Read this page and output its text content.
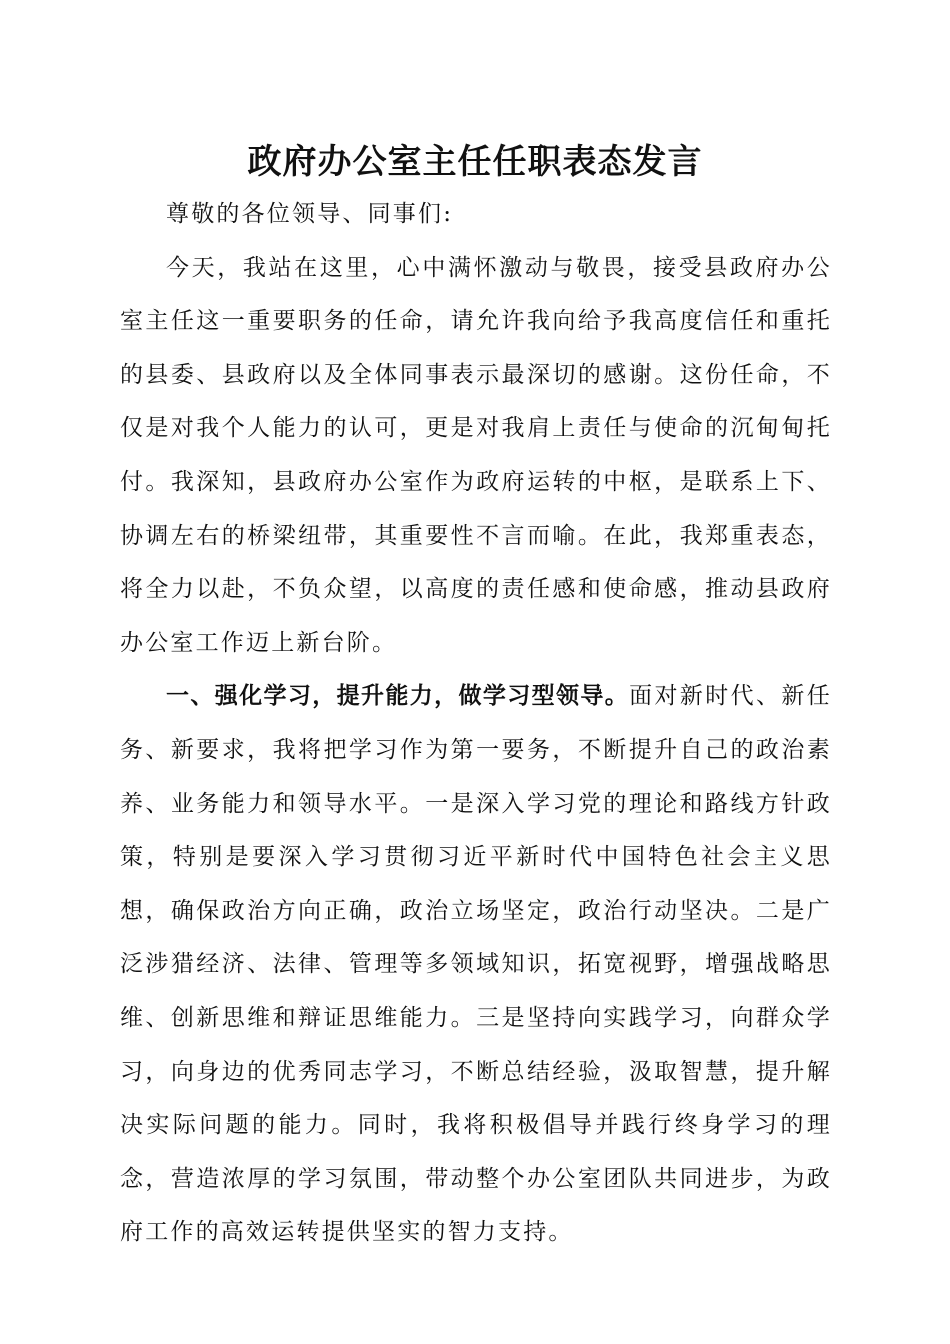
政府办公室主任任职表态发言

尊敬的各位领导、同事们:

今天，我站在这里，心中满怀激动与敬畏，接受县政府办公室主任这一重要职务的任命，请允许我向给予我高度信任和重托的县委、县政府以及全体同事表示最深切的感谢。这份任命，不仅是对我个人能力的认可，更是对我肩上责任与使命的沉甸甸托付。我深知，县政府办公室作为政府运转的中枢，是联系上下、协调左右的桥梁纽带，其重要性不言而喻。在此，我郑重表态，将全力以赴，不负众望，以高度的责任感和使命感，推动县政府办公室工作迈上新台阶。

一、强化学习，提升能力，做学习型领导。面对新时代、新任务、新要求，我将把学习作为第一要务，不断提升自己的政治素养、业务能力和领导水平。一是深入学习党的理论和路线方针政策，特别是要深入学习贯彻习近平新时代中国特色社会主义思想，确保政治方向正确，政治立场坚定，政治行动坚决。二是广泛涉猎经济、法律、管理等多领域知识，拓宽视野，增强战略思维、创新思维和辩证思维能力。三是坚持向实践学习，向群众学习，向身边的优秀同志学习，不断总结经验，汲取智慧，提升解决实际问题的能力。同时，我将积极倡导并践行终身学习的理念，营造浓厚的学习氛围，带动整个办公室团队共同进步，为政府工作的高效运转提供坚实的智力支持。
